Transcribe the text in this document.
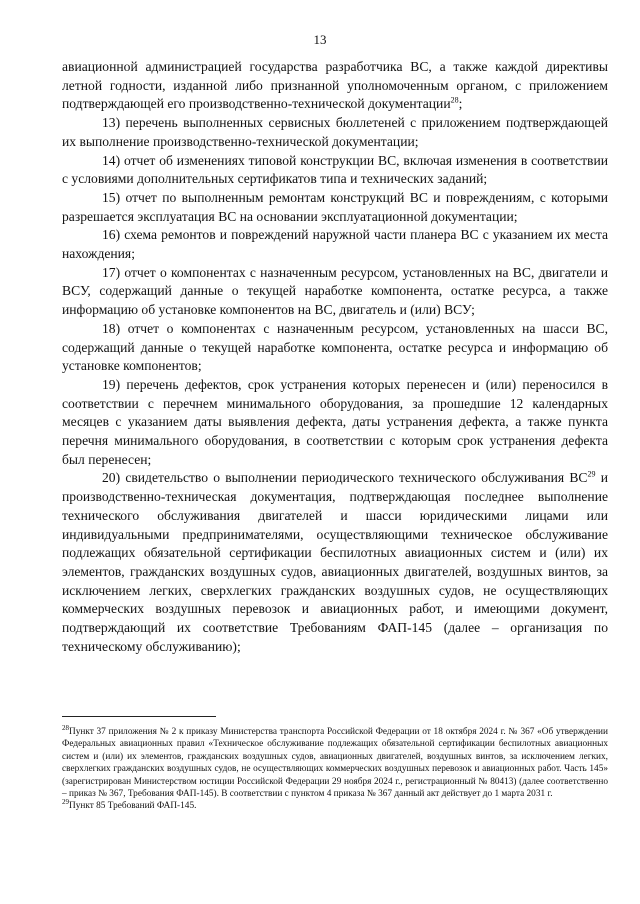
13

авиационной администрацией государства разработчика ВС, а также каждой директивы летной годности, изданной либо признанной уполномоченным органом, с приложением подтверждающей его производственно-технической документации$^{28}$;

13) перечень выполненных сервисных бюллетеней с приложением подтверждающей их выполнение производственно-технической документации;

14) отчет об изменениях типовой конструкции ВС, включая изменения в соответствии с условиями дополнительных сертификатов типа и технических заданий;

15) отчет по выполненным ремонтам конструкций ВС и повреждениям, с которыми разрешается эксплуатация ВС на основании эксплуатационной документации;

16) схема ремонтов и повреждений наружной части планера ВС с указанием их места нахождения;

17) отчет о компонентах с назначенным ресурсом, установленных на ВС, двигатели и ВСУ, содержащий данные о текущей наработке компонента, остатке ресурса, а также информацию об установке компонентов на ВС, двигатель и (или) ВСУ;

18) отчет о компонентах с назначенным ресурсом, установленных на шасси ВС, содержащий данные о текущей наработке компонента, остатке ресурса и информацию об установке компонентов;

19) перечень дефектов, срок устранения которых перенесен и (или) переносился в соответствии с перечнем минимального оборудования, за прошедшие 12 календарных месяцев с указанием даты выявления дефекта, даты устранения дефекта, а также пункта перечня минимального оборудования, в соответствии с которым срок устранения дефекта был перенесен;

20) свидетельство о выполнении периодического технического обслуживания ВС$^{29}$ и производственно-техническая документация, подтверждающая последнее выполнение технического обслуживания двигателей и шасси юридическими лицами или индивидуальными предпринимателями, осуществляющими техническое обслуживание подлежащих обязательной сертификации беспилотных авиационных систем и (или) их элементов, гражданских воздушных судов, авиационных двигателей, воздушных винтов, за исключением легких, сверхлегких гражданских воздушных судов, не осуществляющих коммерческих воздушных перевозок и авиационных работ, и имеющими документ, подтверждающий их соответствие Требованиям ФАП-145 (далее – организация по техническому обслуживанию);

$^{28}$Пункт 37 приложения № 2 к приказу Министерства транспорта Российской Федерации от 18 октября 2024 г. № 367 «Об утверждении Федеральных авиационных правил «Техническое обслуживание подлежащих обязательной сертификации беспилотных авиационных систем и (или) их элементов, гражданских воздушных судов, авиационных двигателей, воздушных винтов, за исключением легких, сверхлегких гражданских воздушных судов, не осуществляющих коммерческих воздушных перевозок и авиационных работ. Часть 145» (зарегистрирован Министерством юстиции Российской Федерации 29 ноября 2024 г., регистрационный № 80413) (далее соответственно – приказ № 367, Требования ФАП-145). В соответствии с пунктом 4 приказа № 367 данный акт действует до 1 марта 2031 г.

$^{29}$Пункт 85 Требований ФАП-145.
